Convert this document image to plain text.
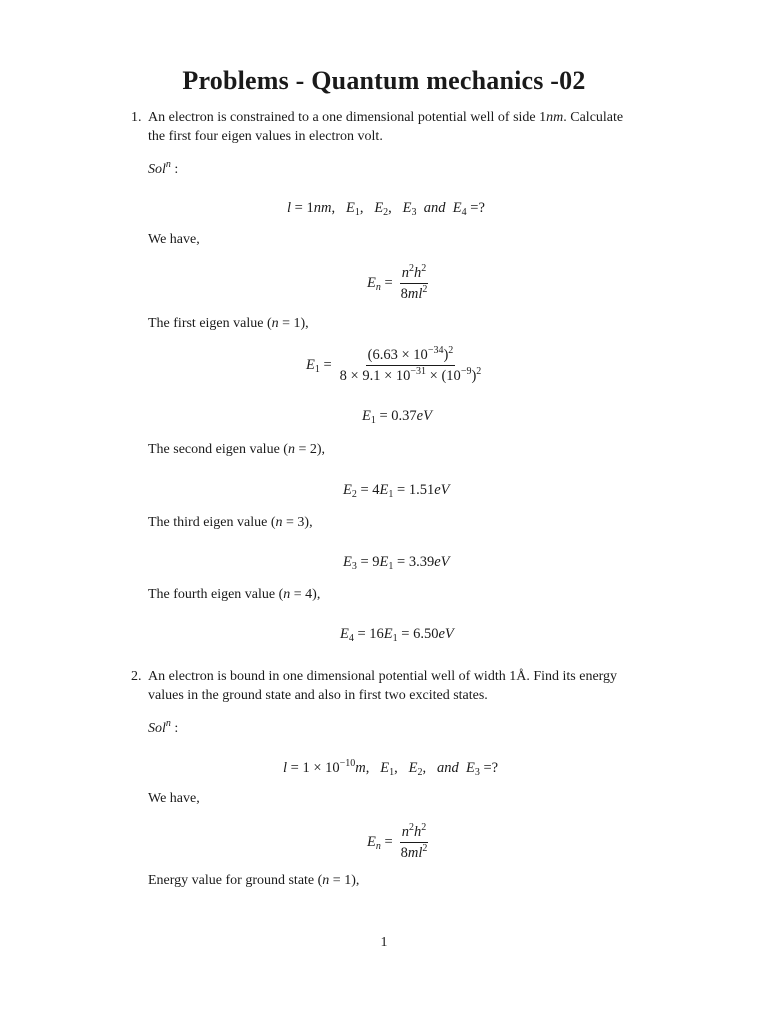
Problems - Quantum mechanics -02
1. An electron is constrained to a one dimensional potential well of side 1nm. Calculate
the first four eigen values in electron volt.
Sol$^n$ :
l = 1nm,   $E_1$,   $E_2$,   $E_3$ and $E_4$ =?
We have,
$E_n = \frac{n^2h^2}{8ml^2}$
The first eigen value (n = 1),
$E_1 = \frac{(6.63 \times 10^{-34})^2}{8 \times 9.1 \times 10^{-31} \times (10^{-9})^2}$
$E_1 = 0.37eV$
The second eigen value (n = 2),
$E_2 = 4E_1 = 1.51eV$
The third eigen value (n = 3),
$E_3 = 9E_1 = 3.39eV$
The fourth eigen value (n = 4),
$E_4 = 16E_1 = 6.50eV$
2. An electron is bound in one dimensional potential well of width 1Å. Find its energy
values in the ground state and also in first two excited states.
Sol$^n$ :
$l = 1 \times 10^{-10}m$,   $E_1$,   $E_2$,   and $E_3$ =?
We have,
$E_n = \frac{n^2h^2}{8ml^2}$
Energy value for ground state (n = 1),
1
